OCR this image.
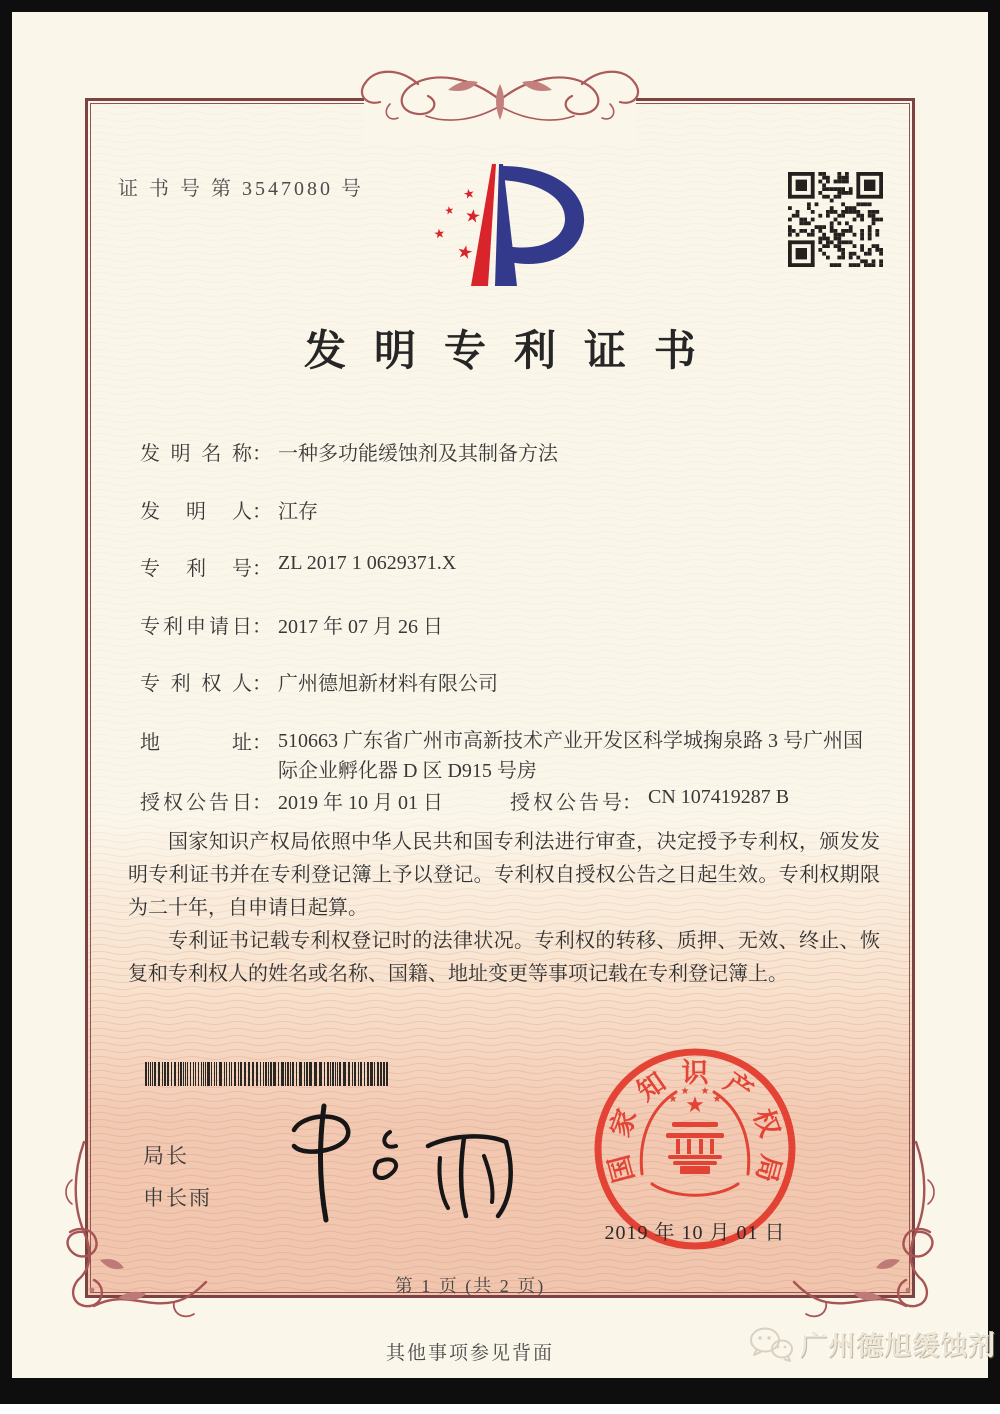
证 书 号 第 3547080 号	★
★ ★
★
★
发明专利证书
发明名称 ： 一种多功能缓蚀剂及其制备方法
发明人 ： 江存
专利号 ： ZL 2017 1 0629371.X
专利申请日 ： 2017 年 07 月 26 日
专利权人 ： 广州德旭新材料有限公司
地址 ： 510663 广东省广州市高新技术产业开发区科学城掬泉路 3 号广州国际企业孵化器 D 区 D915 号房
授权公告日 ： 2019 年 10 月 01 日	授权公告号 ： CN 107419287 B

国家知识产权局依照中华人民共和国专利法进行审查，决定授予专利权，颁发发明专利证书并在专利登记簿上予以登记。专利权自授权公告之日起生效。专利权期限为二十年，自申请日起算。

专利证书记载专利权登记时的法律状况。专利权的转移、质押、无效、终止、恢复和专利权人的姓名或名称、国籍、地址变更等事项记载在专利登记簿上。

局长
申长雨
★
★
★ ★
★
国
家
知 识 产
权
局
2019 年 10 月 01 日
第 1 页 (共 2 页)
其他事项参见背面	广州德旭缓蚀剂
